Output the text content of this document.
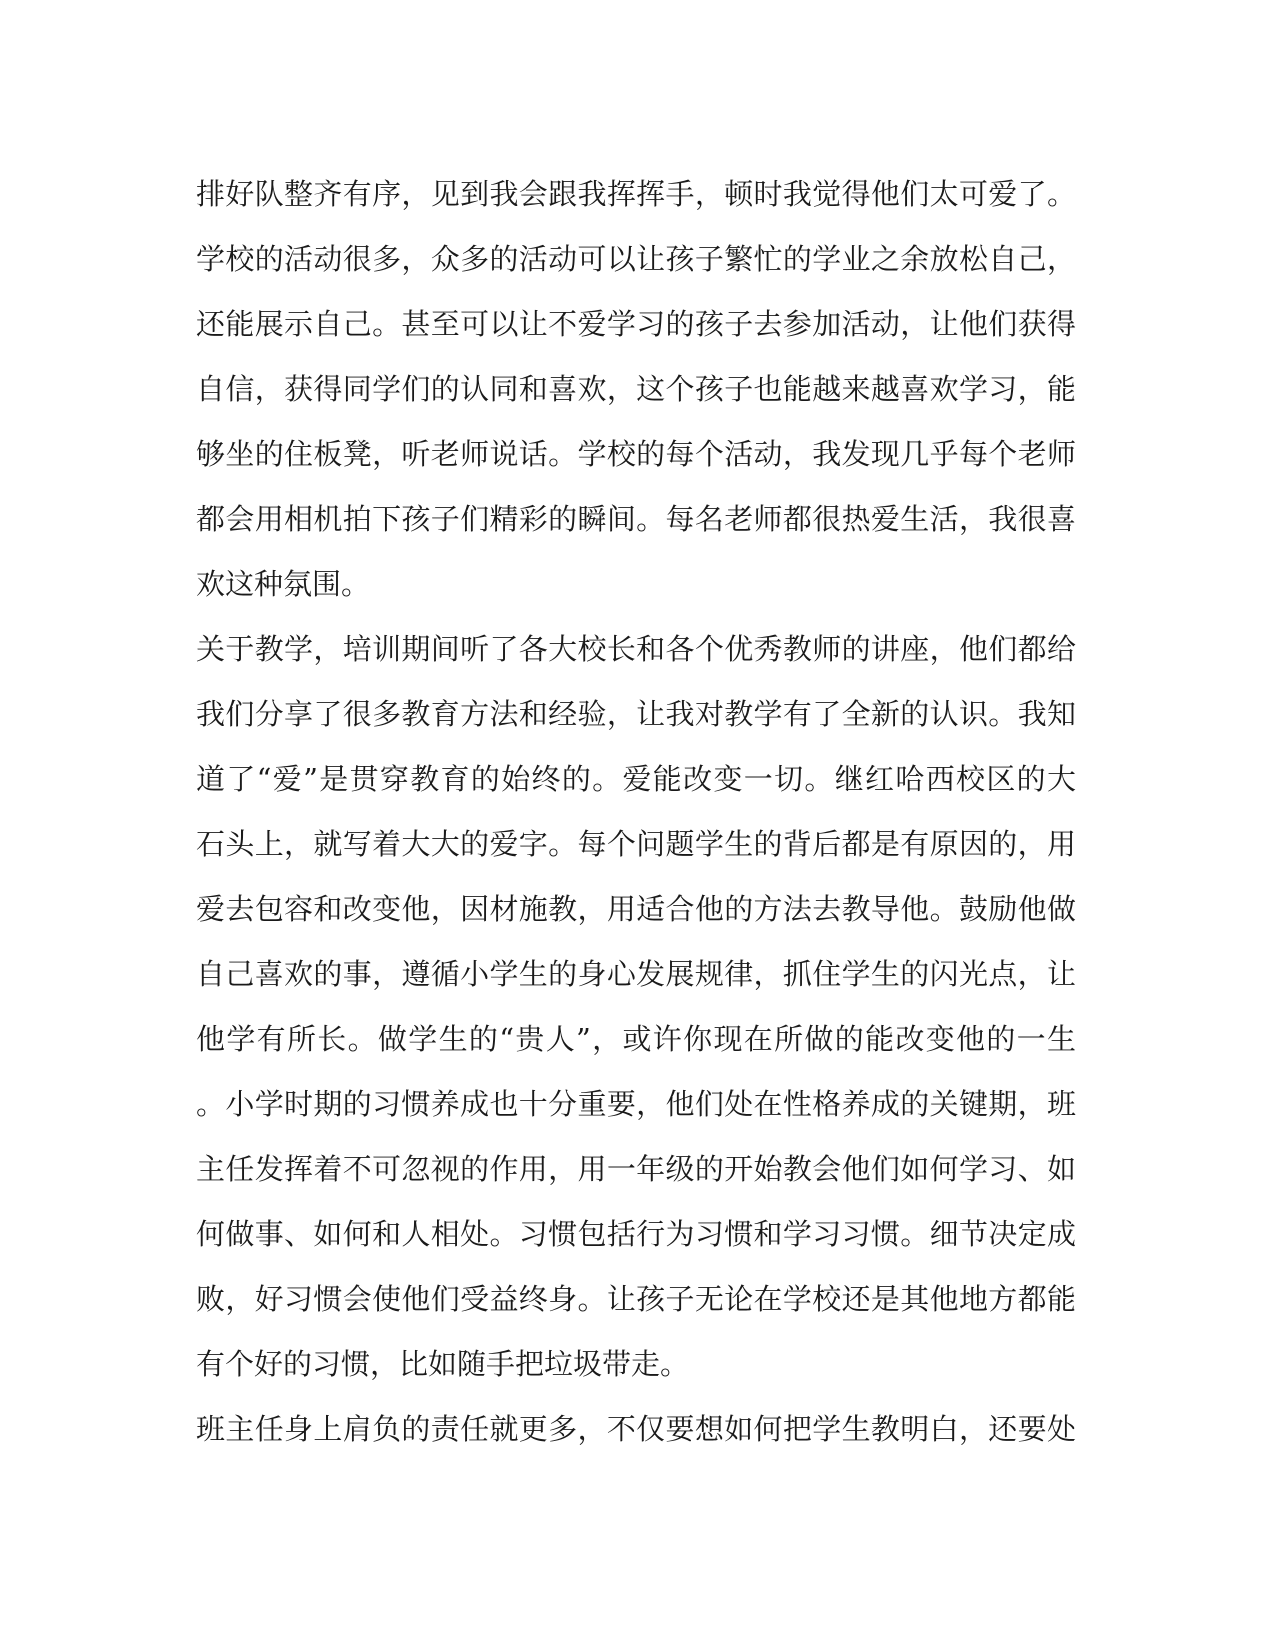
排好队整齐有序，见到我会跟我挥挥手，顿时我觉得他们太可爱了。
学校的活动很多，众多的活动可以让孩子繁忙的学业之余放松自己，
还能展示自己。甚至可以让不爱学习的孩子去参加活动，让他们获得
自信，获得同学们的认同和喜欢，这个孩子也能越来越喜欢学习，能
够坐的住板凳，听老师说话。学校的每个活动，我发现几乎每个老师
都会用相机拍下孩子们精彩的瞬间。每名老师都很热爱生活，我很喜
欢这种氛围。
关于教学，培训期间听了各大校长和各个优秀教师的讲座，他们都给
我们分享了很多教育方法和经验，让我对教学有了全新的认识。我知
道了“爱”是贯穿教育的始终的。爱能改变一切。继红哈西校区的大
石头上，就写着大大的爱字。每个问题学生的背后都是有原因的，用
爱去包容和改变他，因材施教，用适合他的方法去教导他。鼓励他做
自己喜欢的事，遵循小学生的身心发展规律，抓住学生的闪光点，让
他学有所长。做学生的“贵人”，或许你现在所做的能改变他的一生
。小学时期的习惯养成也十分重要，他们处在性格养成的关键期，班
主任发挥着不可忽视的作用，用一年级的开始教会他们如何学习、如
何做事、如何和人相处。习惯包括行为习惯和学习习惯。细节决定成
败，好习惯会使他们受益终身。让孩子无论在学校还是其他地方都能
有个好的习惯，比如随手把垃圾带走。
班主任身上肩负的责任就更多，不仅要想如何把学生教明白，还要处
